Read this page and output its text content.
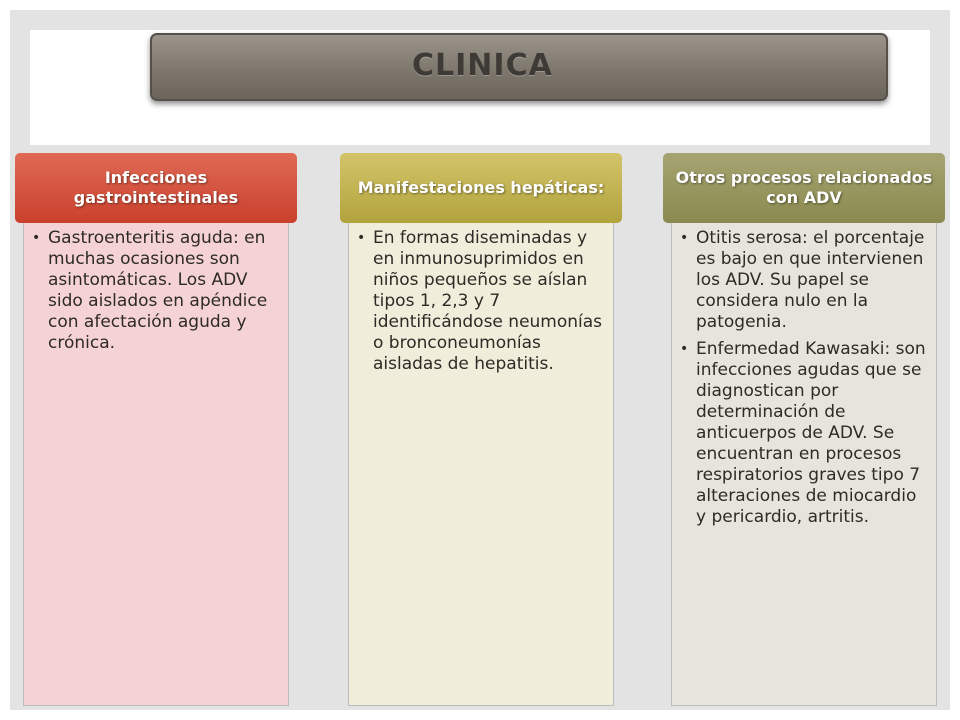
CLINICA
Infecciones gastrointestinales
• Gastroenteritis aguda: en muchas ocasiones son asintomáticas. Los ADV sido aislados en apéndice con afectación aguda y crónica.
Manifestaciones hepáticas:
• En formas diseminadas y en inmunosuprimidos en niños pequeños se aíslan tipos 1, 2,3 y 7 identificándose neumonías o bronconeumonías aisladas de hepatitis.
Otros procesos relacionados con ADV
• Otitis serosa: el porcentaje es bajo en que intervienen los ADV. Su papel se considera nulo en la patogenia.
• Enfermedad Kawasaki: son infecciones agudas que se diagnostican por determinación de anticuerpos de ADV. Se encuentran en procesos respiratorios graves tipo 7 alteraciones de miocardio y pericardio, artritis.
